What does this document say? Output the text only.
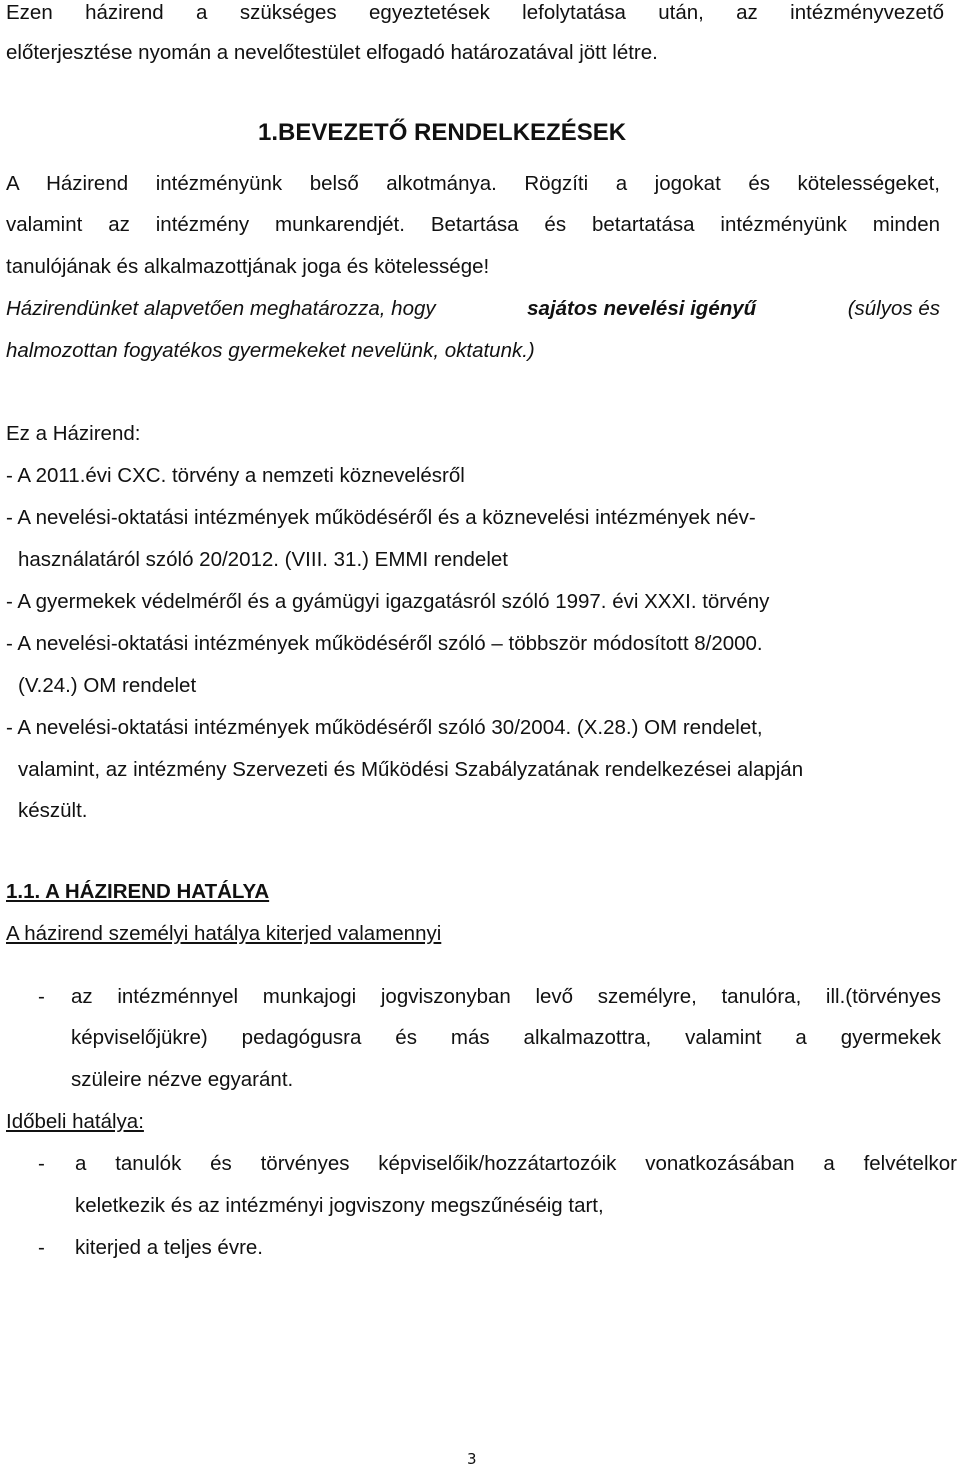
Ezen házirend a szükséges egyeztetések lefolytatása után, az intézményvezető
előterjesztése nyomán a nevelőtestület elfogadó határozatával jött létre.
1.BEVEZETŐ RENDELKEZÉSEK
A Házirend intézményünk belső alkotmánya. Rögzíti a jogokat és kötelességeket,
valamint az intézmény munkarendjét. Betartása és betartatása intézményünk minden
tanulójának és alkalmazottjának joga és kötelessége!
Házirendünket alapvetően meghatározza, hogy	sajátos nevelési igényű	(súlyos és
halmozottan fogyatékos gyermekeket nevelünk, oktatunk.)
Ez a Házirend:
- A 2011.évi CXC. törvény a nemzeti köznevelésről
- A nevelési-oktatási intézmények működéséről és a köznevelési intézmények név-
használatáról szóló 20/2012. (VIII. 31.) EMMI rendelet
- A gyermekek védelméről és a gyámügyi igazgatásról szóló 1997. évi XXXI. törvény
- A nevelési-oktatási intézmények működéséről szóló – többször módosított 8/2000.
(V.24.) OM rendelet
- A nevelési-oktatási intézmények működéséről szóló 30/2004. (X.28.) OM rendelet,
valamint, az intézmény Szervezeti és Működési Szabályzatának rendelkezései alapján
készült.
1.1. A HÁZIREND HATÁLYA
A házirend személyi hatálya kiterjed valamennyi
- az intézménnyel munkajogi jogviszonyban levő személyre, tanulóra, ill.(törvényes
képviselőjükre) pedagógusra és más alkalmazottra, valamint a gyermekek
szüleire nézve egyaránt.
Időbeli hatálya:
- a tanulók és törvényes képviselőik/hozzátartozóik vonatkozásában a felvételkor
keletkezik és az intézményi jogviszony megszűnéséig tart,
- kiterjed a teljes évre.
3
